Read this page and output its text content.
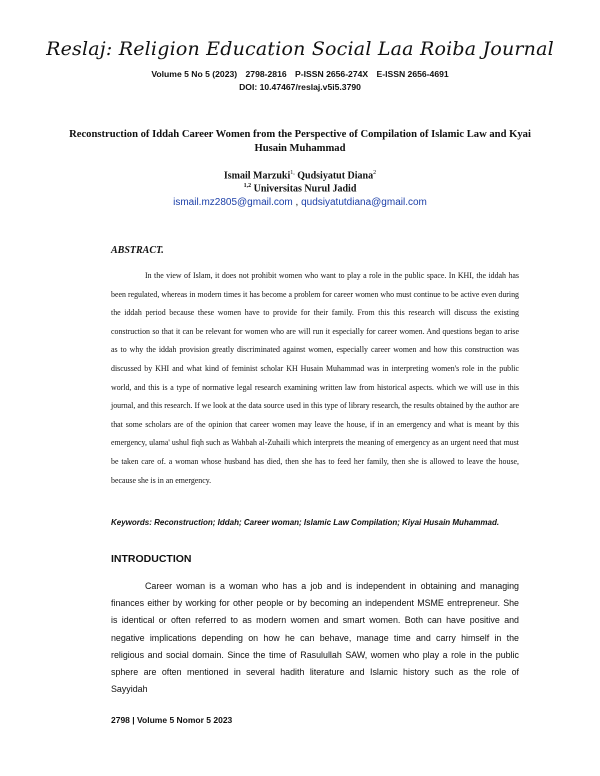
Reslaj: Religion Education Social Laa Roiba Journal
Volume 5 No 5 (2023) 2798-2816 P-ISSN 2656-274X E-ISSN 2656-4691
DOI: 10.47467/reslaj.v5i5.3790
Reconstruction of Iddah Career Women from the Perspective of Compilation of Islamic Law and Kyai Husain Muhammad
Ismail Marzuki$^{1,}$ Qudsiyatut Diana$^2$
$^{1,2}$ Universitas Nurul Jadid
ismail.mz2805@gmail.com , qudsiyatutdiana@gmail.com
ABSTRACT.

In the view of Islam, it does not prohibit women who want to play a role in the public space. In KHI, the iddah has been regulated, whereas in modern times it has become a problem for career women who must continue to be active even during the iddah period because these women have to provide for their family. From this this research will discuss the existing construction so that it can be relevant for women who are will run it especially for career women. And questions began to arise as to why the iddah provision greatly discriminated against women, especially career women and how this construction was discussed by KHI and what kind of feminist scholar KH Husain Muhammad was in interpreting women's role in the public world, and this is a type of normative legal research examining written law from historical aspects. which we will use in this journal, and this research. If we look at the data source used in this type of library research, the results obtained by the author are that some scholars are of the opinion that career women may leave the house, if in an emergency and what is meant by this emergency, ulama' ushul fiqh such as Wahbah al-Zuhaili which interprets the meaning of emergency as an urgent need that must be taken care of. a woman whose husband has died, then she has to feed her family, then she is allowed to leave the house, because she is in an emergency.

Keywords: Reconstruction; Iddah; Career woman; Islamic Law Compilation; Kiyai Husain Muhammad.

INTRODUCTION

Career woman is a woman who has a job and is independent in obtaining and managing finances either by working for other people or by becoming an independent MSME entrepreneur. She is identical or often referred to as modern women and smart women. Both can have positive and negative implications depending on how he can behave, manage time and carry himself in the religious and social domain. Since the time of Rasulullah SAW, women who play a role in the public sphere are often mentioned in several hadith literature and Islamic history such as the role of Sayyidah

2798 | Volume 5 Nomor 5 2023
